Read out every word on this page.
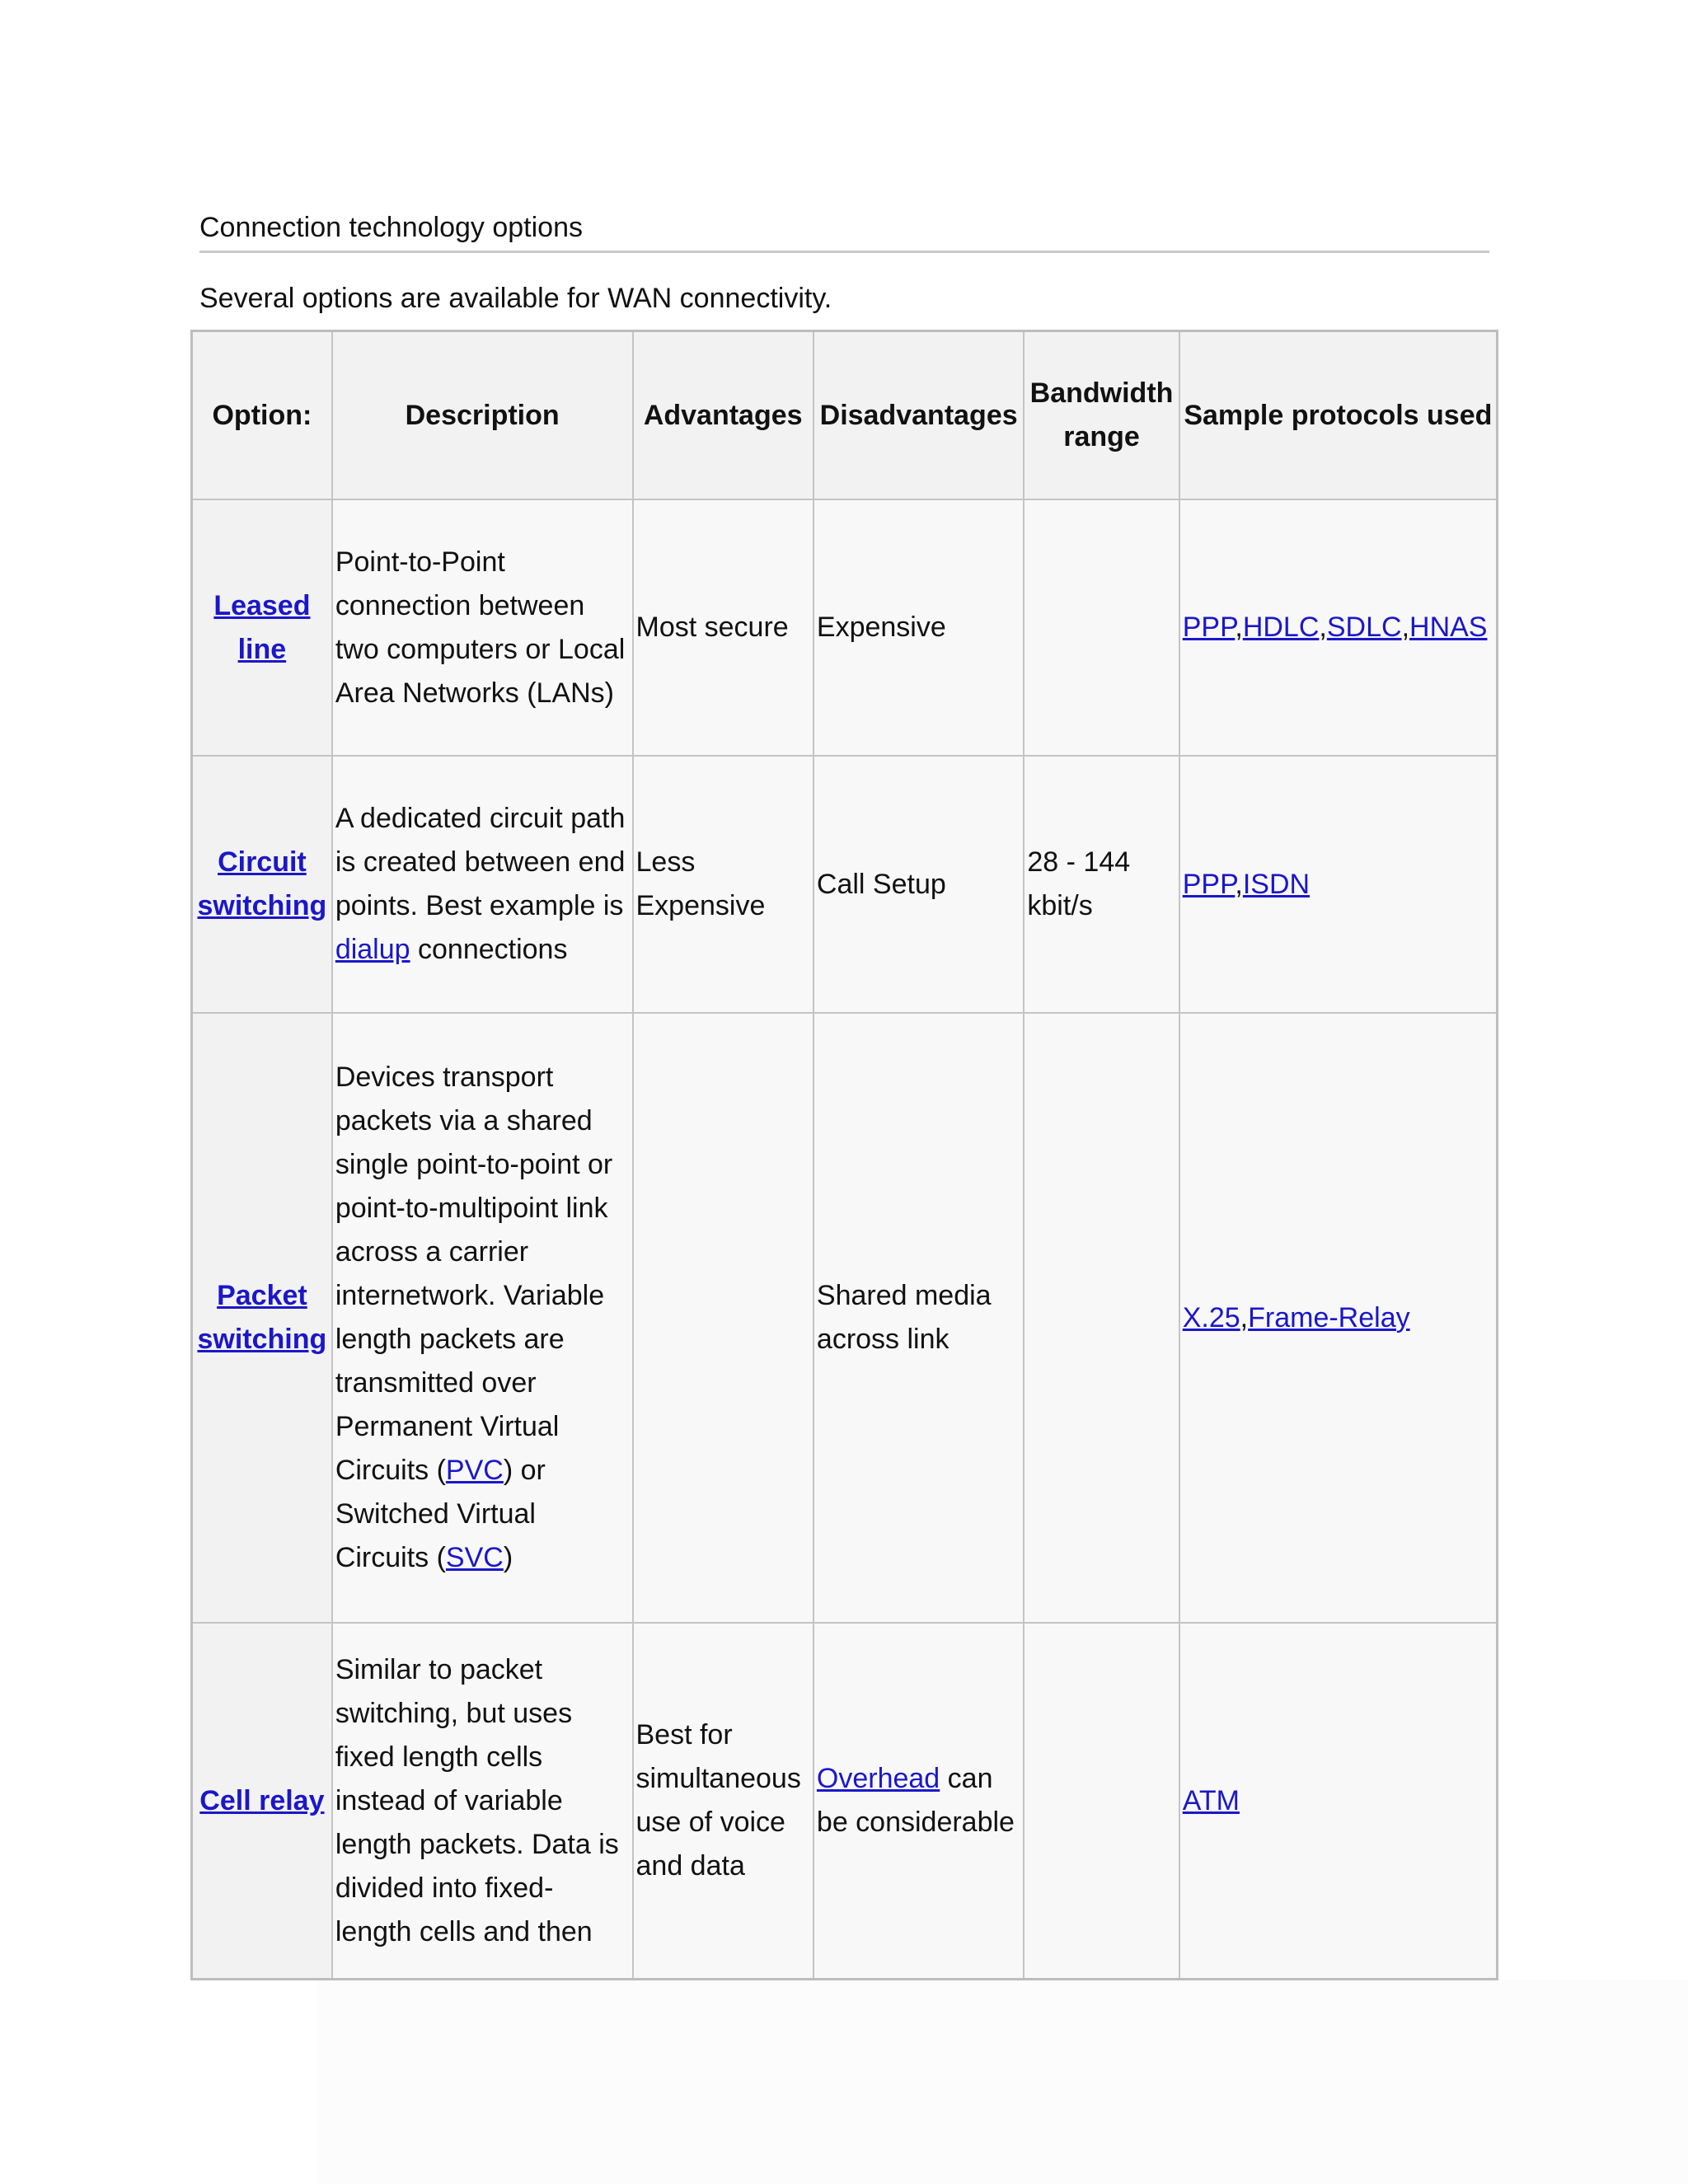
Connection technology options
Several options are available for WAN connectivity.
Option:	Description	Advantages	Disadvantages	Bandwidth range	Sample protocols used
Leased line	Point-to-Point connection between two computers or Local Area Networks (LANs)	Most secure	Expensive		PPP,HDLC,SDLC,HNAS
Circuit switching	A dedicated circuit path is created between end points. Best example is dialup connections	Less Expensive	Call Setup	28 - 144 kbit/s	PPP,ISDN
Packet switching	Devices transport packets via a shared single point-to-point or point-to-multipoint link across a carrier internetwork. Variable length packets are transmitted over Permanent Virtual Circuits (PVC) or Switched Virtual Circuits (SVC)		Shared media across link		X.25,Frame-Relay
Cell relay	Similar to packet switching, but uses fixed length cells instead of variable length packets. Data is divided into fixed-length cells and then	Best for simultaneous use of voice and data	Overhead can be considerable		ATM
